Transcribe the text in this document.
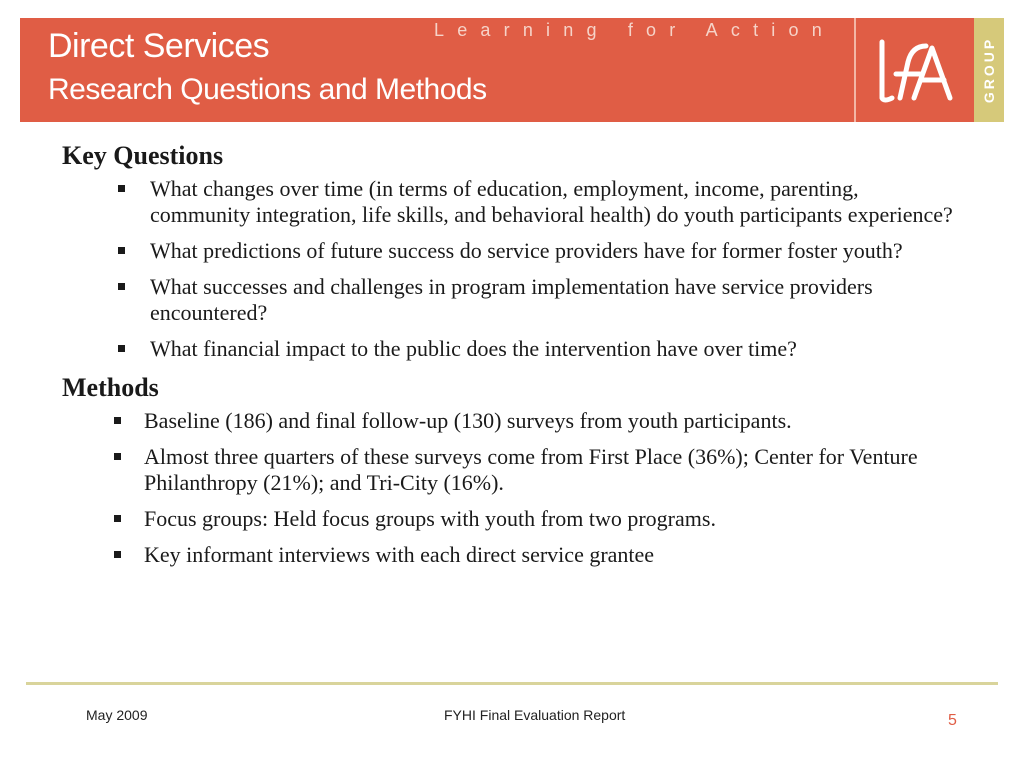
Direct Services
Research Questions and Methods
Learning for Action
GROUP
Key Questions
What changes over time (in terms of education, employment, income, parenting, community integration, life skills, and behavioral health) do youth participants experience?
What predictions of future success do service providers have for former foster youth?
What successes and challenges in program implementation have service providers encountered?
What financial impact to the public does the intervention have over time?
Methods
Baseline (186) and final follow-up (130) surveys from youth participants.
Almost three quarters of these surveys come from First Place (36%); Center for Venture Philanthropy (21%); and Tri-City (16%).
Focus groups: Held focus groups with youth from two programs.
Key informant interviews with each direct service grantee
May 2009	FYHI Final Evaluation Report	5
